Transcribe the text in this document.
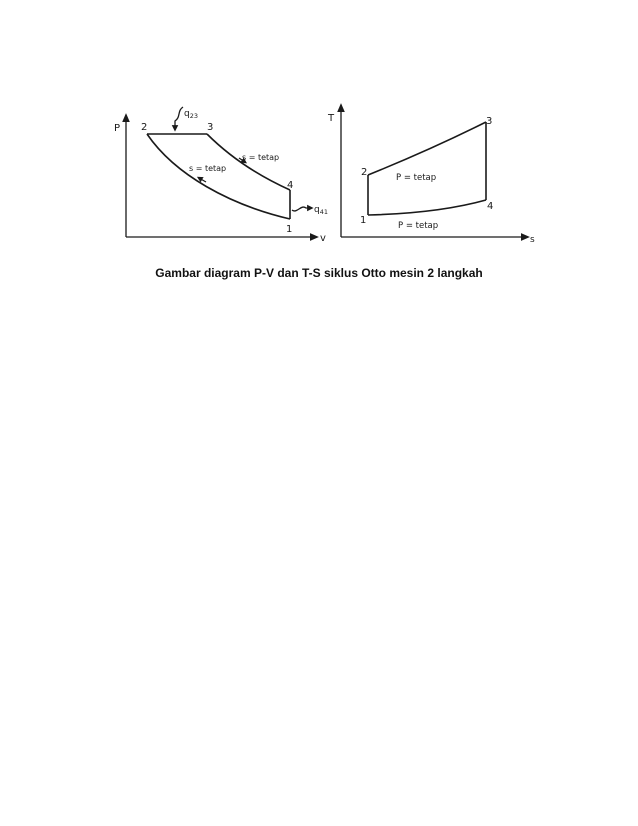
P
v
$q_{23}$
$q_{41}$
s = tetap
s = tetap
2	3
4
1
T
s
P = tetap
P = tetap
2
3
4
1
Gambar diagram P-V dan T-S siklus Otto mesin 2 langkah
